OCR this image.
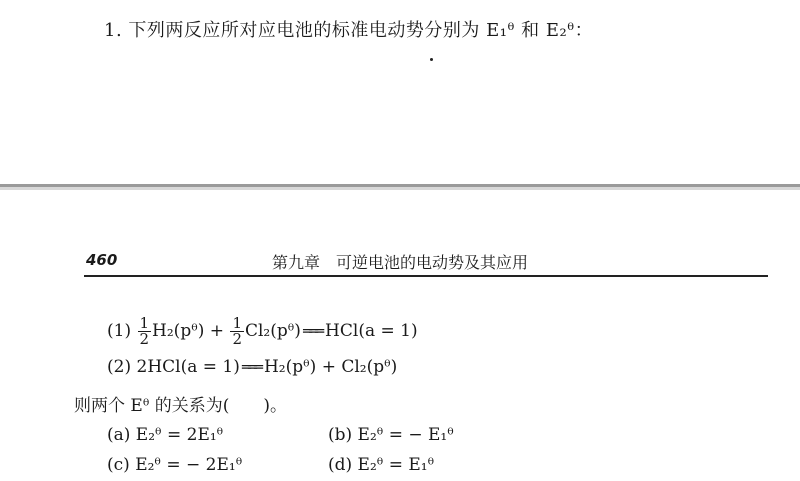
1. 下列两反应所对应电池的标准电动势分别为 E₁ᶿ 和 E₂ᶿ：
460	第九章　可逆电池的电动势及其应用
$(1) \frac{1}{2}$ H₂(pᶿ) + $\frac{1}{2}$ Cl₂(pᶿ) ═══ HCl(a = 1)
(2) 2HCl(a = 1) ═══ H₂(pᶿ) + Cl₂(pᶿ)
则两个 Eᶿ 的关系为(　　)。
(a) E₂ᶿ = 2E₁ᶿ	(b) E₂ᶿ = − E₁ᶿ
(c) E₂ᶿ = − 2E₁ᶿ	(d) E₂ᶿ = E₁ᶿ
